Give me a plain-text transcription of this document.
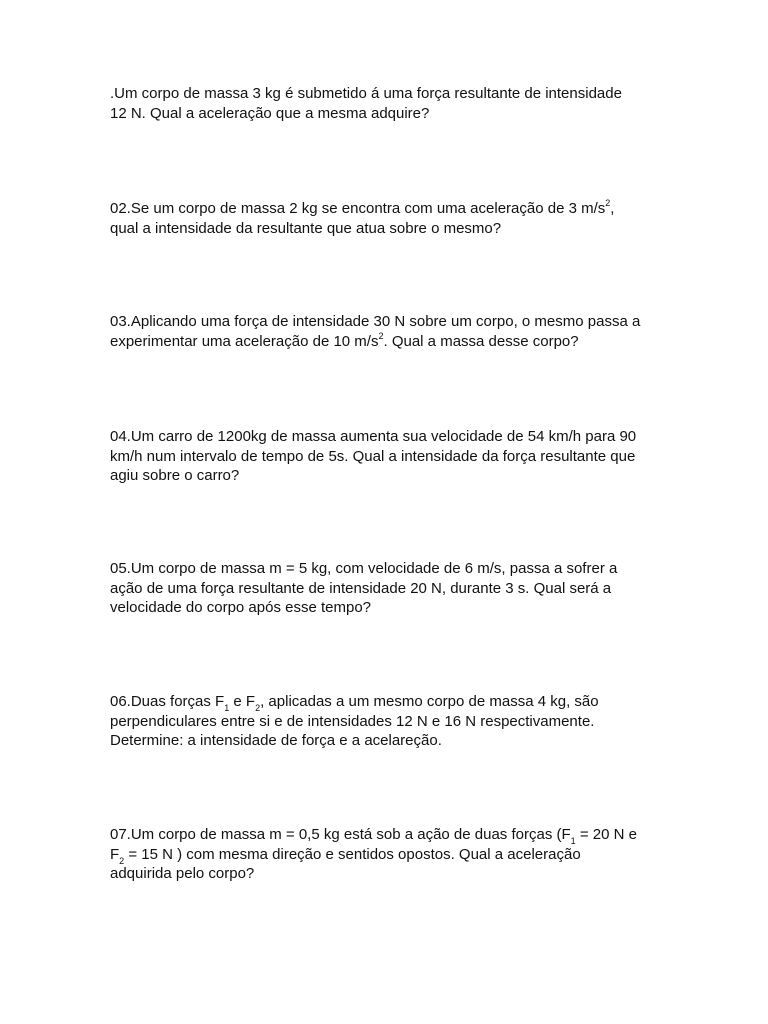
.Um corpo de massa 3 kg é submetido á uma força resultante de intensidade
12 N. Qual a aceleração que a mesma adquire?
02.Se um corpo de massa 2 kg se encontra com uma aceleração de 3 $m/s^2$,
qual a intensidade da resultante que atua sobre o mesmo?
03.Aplicando uma força de intensidade 30 N sobre um corpo, o mesmo passa a
experimentar uma aceleração de 10 $m/s^2$. Qual a massa desse corpo?
04.Um carro de 1200kg de massa aumenta sua velocidade de 54 km/h para 90
km/h num intervalo de tempo de 5s. Qual a intensidade da força resultante que
agiu sobre o carro?
05.Um corpo de massa m = 5 kg, com velocidade de 6 m/s, passa a sofrer a
ação de uma força resultante de intensidade 20 N, durante 3 s. Qual será a
velocidade do corpo após esse tempo?
06.Duas forças $F_1$ e $F_2$, aplicadas a um mesmo corpo de massa 4 kg, são
perpendiculares entre si e de intensidades 12 N e 16 N respectivamente.
Determine: a intensidade de força e a acelareção.
07.Um corpo de massa m = 0,5 kg está sob a ação de duas forças ($F_1 = 20$ N e
$F_2 = 15$ N ) com mesma direção e sentidos opostos. Qual a aceleração
adquirida pelo corpo?
